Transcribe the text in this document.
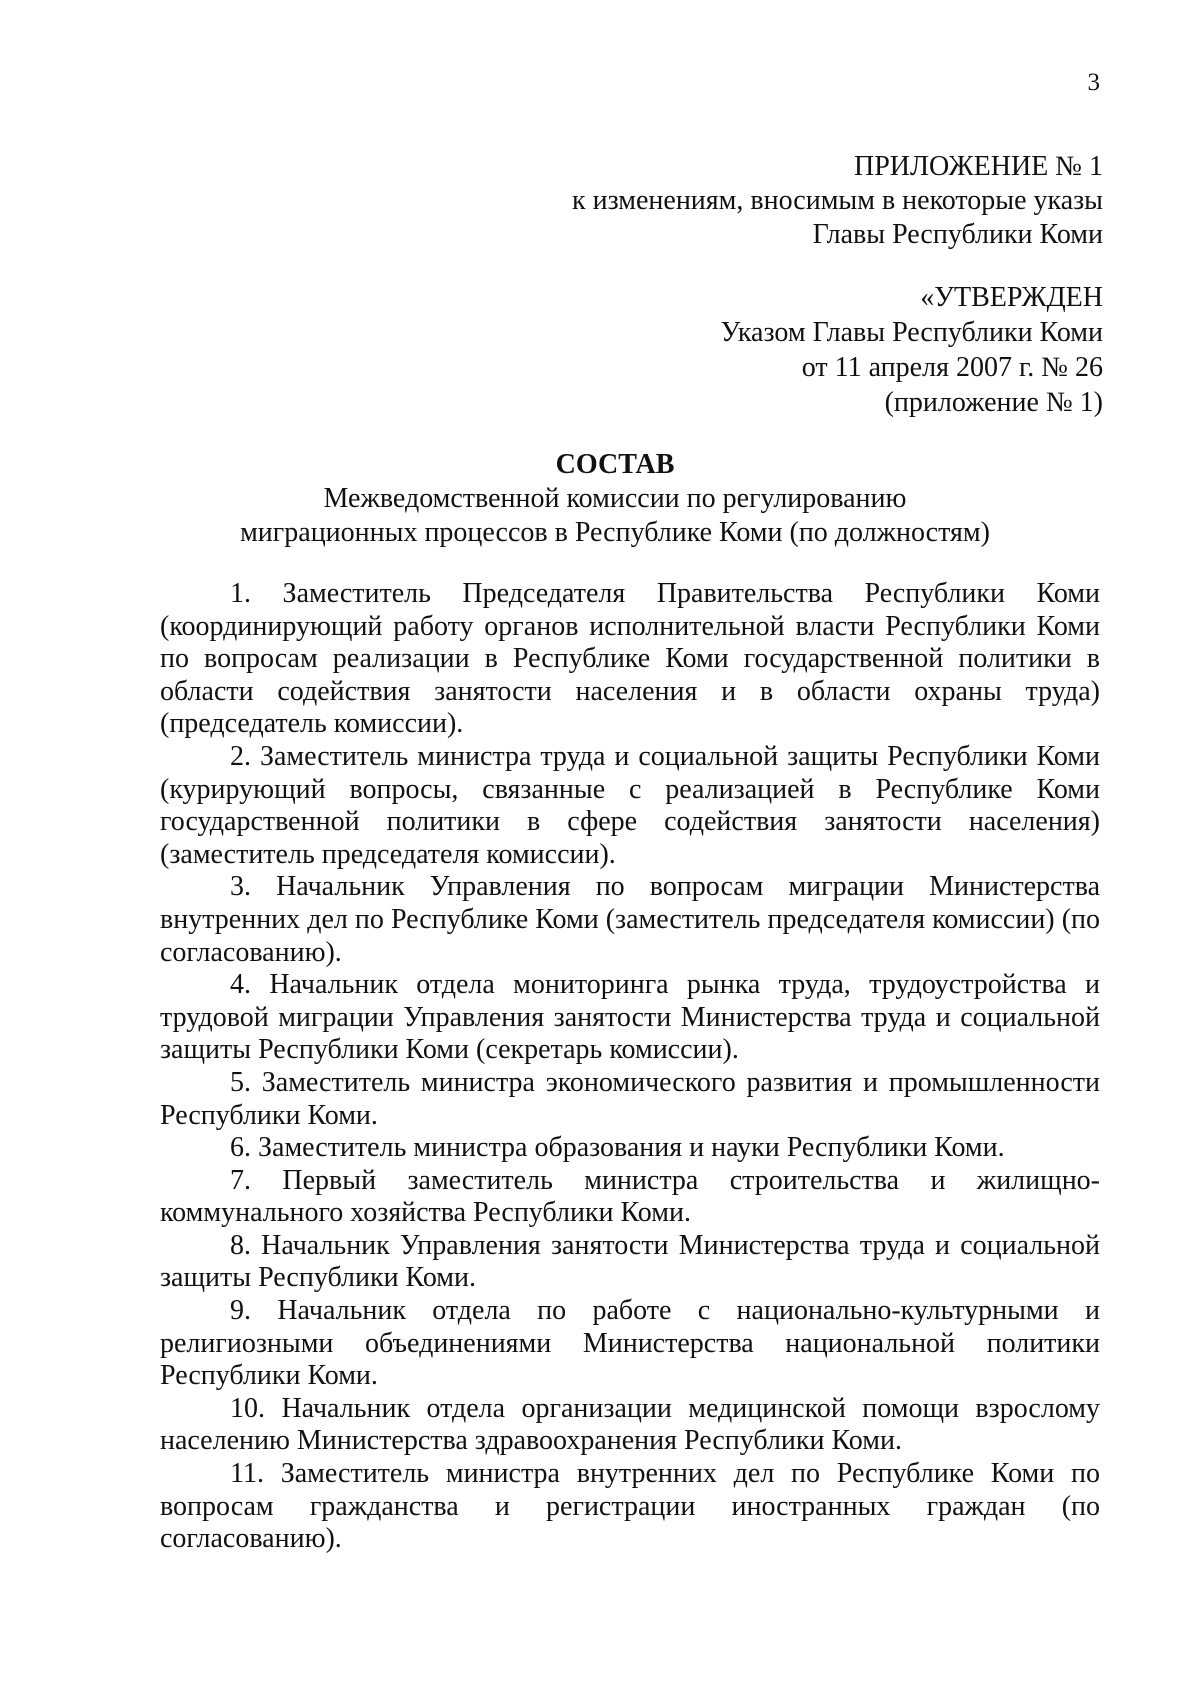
3
ПРИЛОЖЕНИЕ № 1
к изменениям, вносимым в некоторые указы
Главы Республики Коми
«УТВЕРЖДЕН
Указом Главы Республики Коми
от 11 апреля 2007 г. № 26
(приложение № 1)
СОСТАВ
Межведомственной комиссии по регулированию
миграционных процессов в Республике Коми (по должностям)

1. Заместитель Председателя Правительства Республики Коми (координирующий работу органов исполнительной власти Республики Коми по вопросам реализации в Республике Коми государственной политики в области содействия занятости населения и в области охраны труда) (председатель комиссии).

2. Заместитель министра труда и социальной защиты Республики Коми (курирующий вопросы, связанные с реализацией в Республике Коми государственной политики в сфере содействия занятости населения) (заместитель председателя комиссии).

3. Начальник Управления по вопросам миграции Министерства внутренних дел по Республике Коми (заместитель председателя комиссии) (по согласованию).

4. Начальник отдела мониторинга рынка труда, трудоустройства и трудовой миграции Управления занятости Министерства труда и социальной защиты Республики Коми (секретарь комиссии).

5. Заместитель министра экономического развития и промышленности Республики Коми.

6. Заместитель министра образования и науки Республики Коми.

7. Первый заместитель министра строительства и жилищно-коммунального хозяйства Республики Коми.

8. Начальник Управления занятости Министерства труда и социальной защиты Республики Коми.

9. Начальник отдела по работе с национально-культурными и религиозными объединениями Министерства национальной политики Республики Коми.

10. Начальник отдела организации медицинской помощи взрослому населению Министерства здравоохранения Республики Коми.

11. Заместитель министра внутренних дел по Республике Коми по вопросам гражданства и регистрации иностранных граждан (по согласованию).
